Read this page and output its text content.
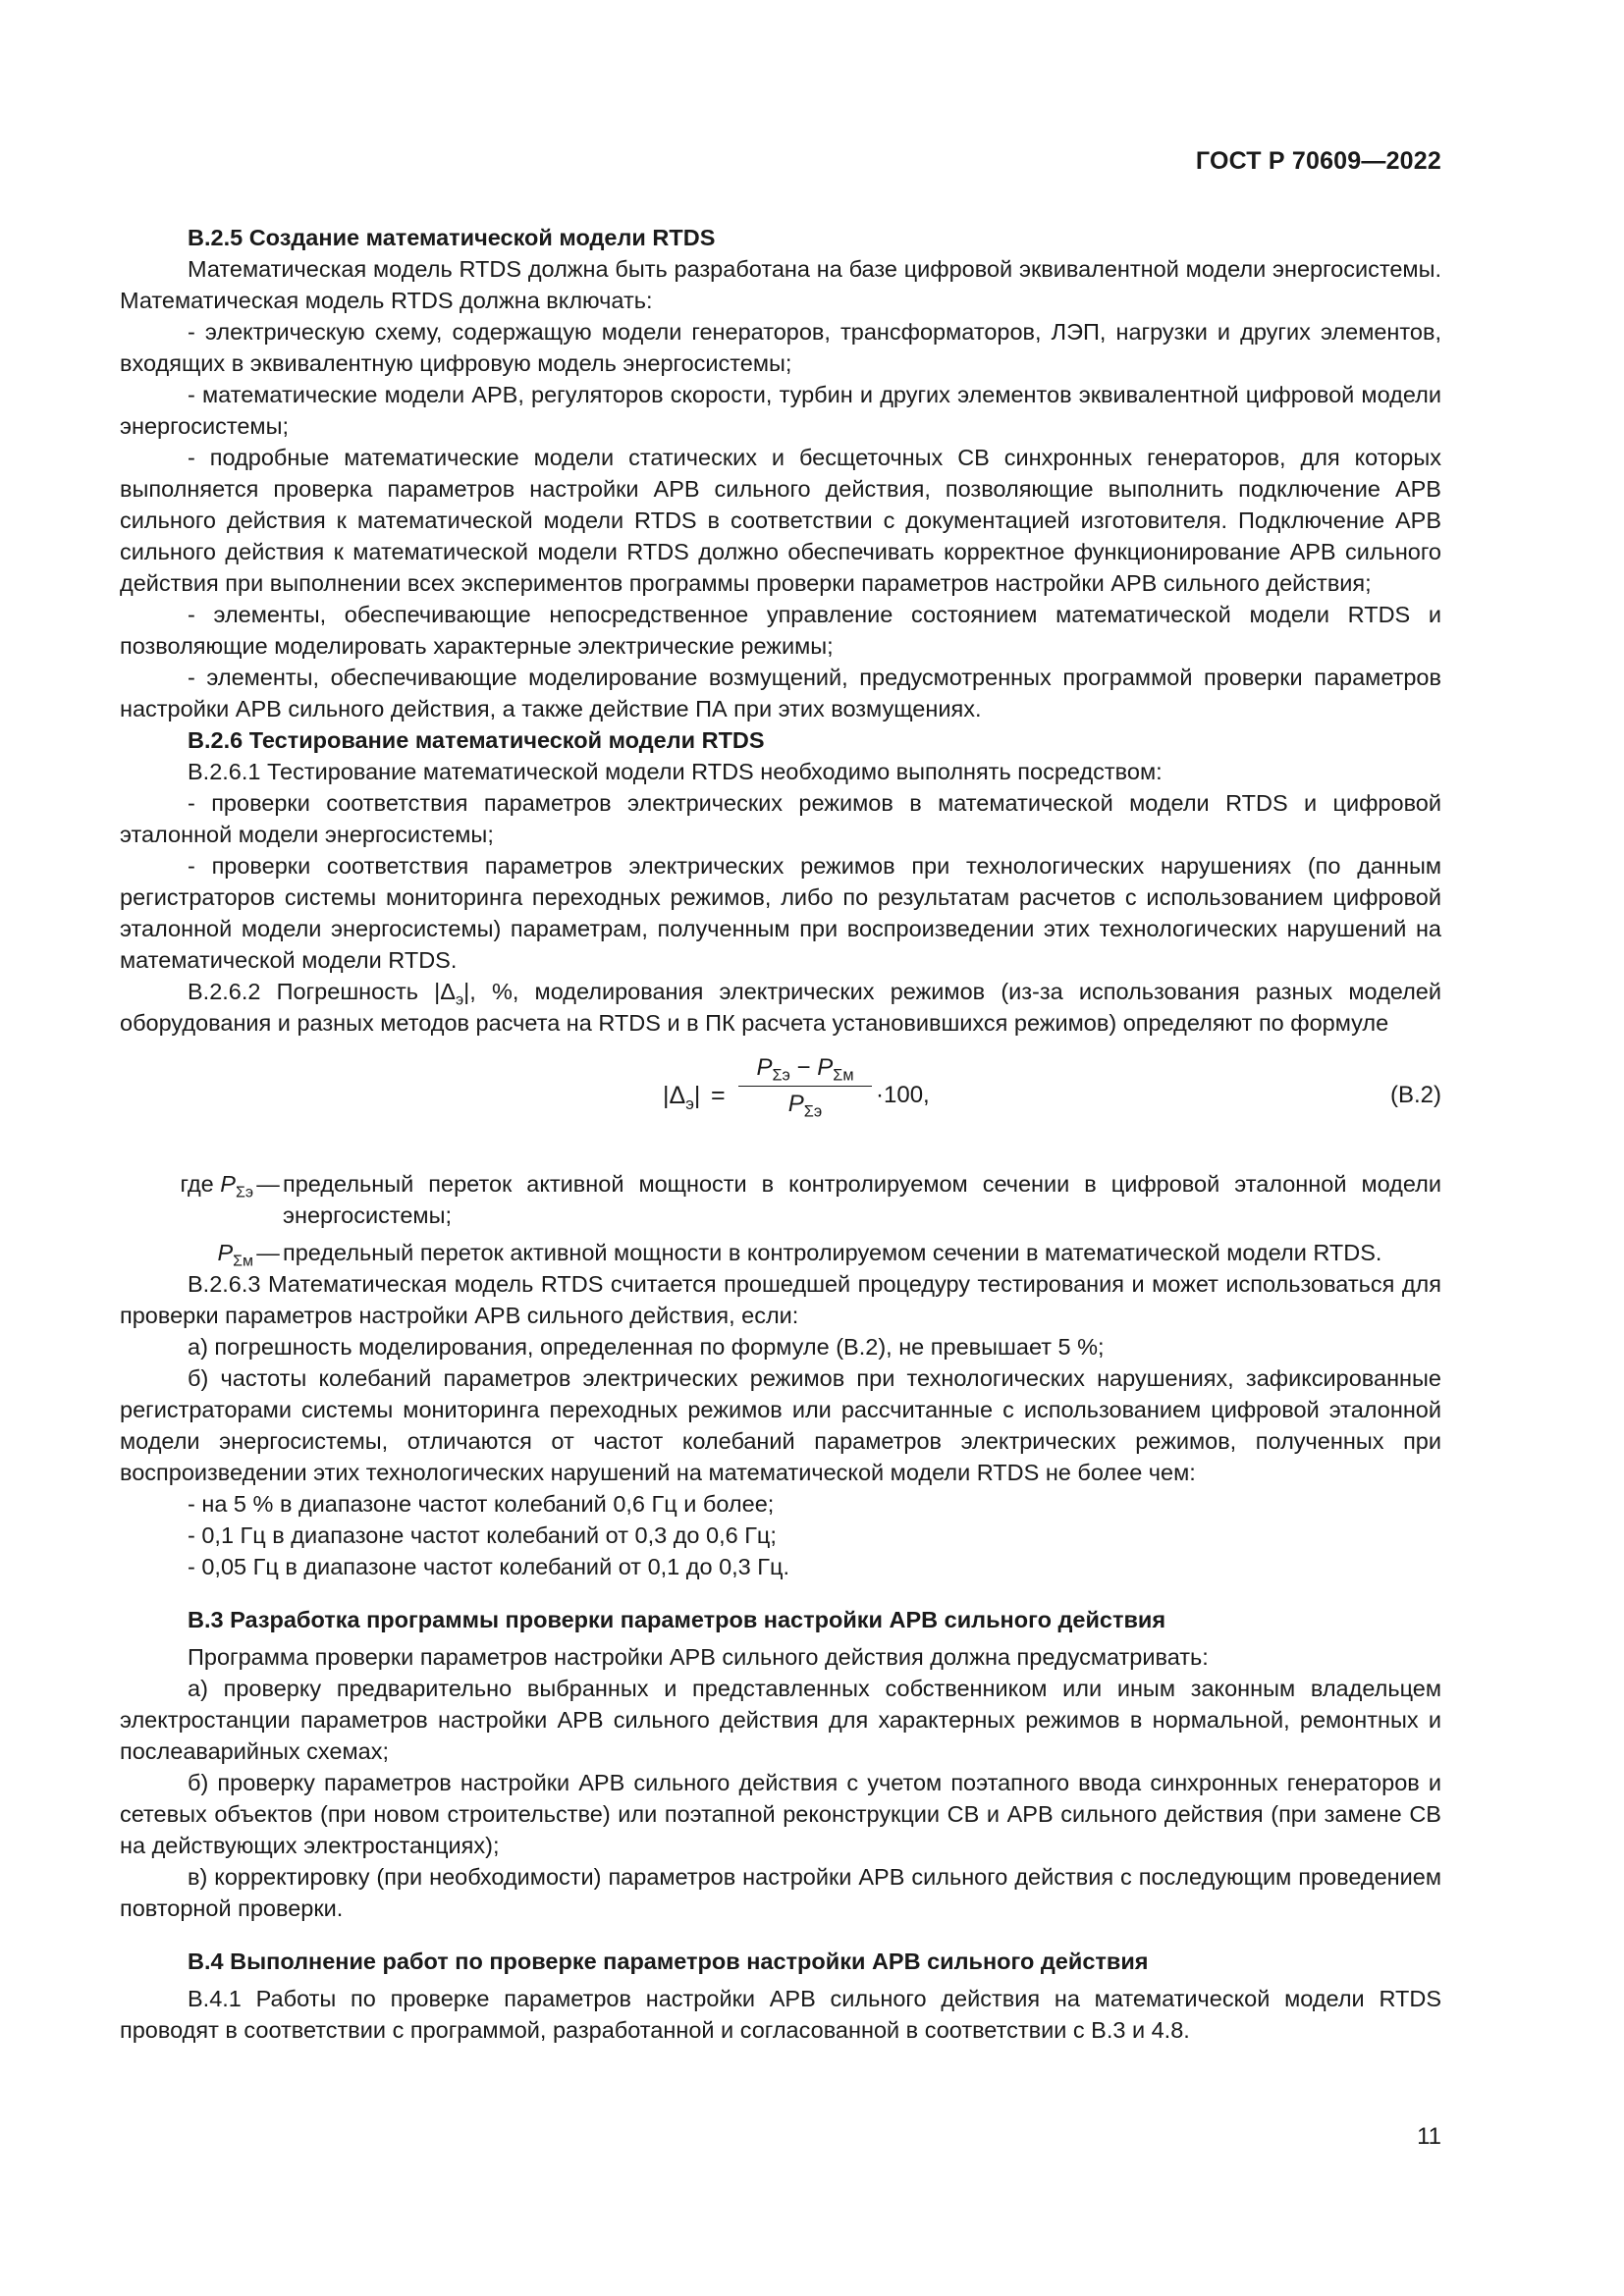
ГОСТ Р 70609—2022

В.2.5 Создание математической модели RTDS

Математическая модель RTDS должна быть разработана на базе цифровой эквивалентной модели энергосистемы. Математическая модель RTDS должна включать:

- электрическую схему, содержащую модели генераторов, трансформаторов, ЛЭП, нагрузки и других элементов, входящих в эквивалентную цифровую модель энергосистемы;

- математические модели АРВ, регуляторов скорости, турбин и других элементов эквивалентной цифровой модели энергосистемы;

- подробные математические модели статических и бесщеточных СВ синхронных генераторов, для которых выполняется проверка параметров настройки АРВ сильного действия, позволяющие выполнить подключение АРВ сильного действия к математической модели RTDS в соответствии с документацией изготовителя. Подключение АРВ сильного действия к математической модели RTDS должно обеспечивать корректное функционирование АРВ сильного действия при выполнении всех экспериментов программы проверки параметров настройки АРВ сильного действия;

- элементы, обеспечивающие непосредственное управление состоянием математической модели RTDS и позволяющие моделировать характерные электрические режимы;

- элементы, обеспечивающие моделирование возмущений, предусмотренных программой проверки параметров настройки АРВ сильного действия, а также действие ПА при этих возмущениях.

В.2.6 Тестирование математической модели RTDS

В.2.6.1 Тестирование математической модели RTDS необходимо выполнять посредством:

- проверки соответствия параметров электрических режимов в математической модели RTDS и цифровой эталонной модели энергосистемы;

- проверки соответствия параметров электрических режимов при технологических нарушениях (по данным регистраторов системы мониторинга переходных режимов, либо по результатам расчетов с использованием цифровой эталонной модели энергосистемы) параметрам, полученным при воспроизведении этих технологических нарушений на математической модели RTDS.

В.2.6.2 Погрешность $|\Delta_э|$, %, моделирования электрических режимов (из-за использования разных моделей оборудования и разных методов расчета на RTDS и в ПК расчета установившихся режимов) определяют по формуле

$|\Delta_э|$ =
$P_{\Sigma э} - P_{\Sigma м}$
$P_{\Sigma э}$
·100,	(В.2)
где $P_{\Sigma э}$ — предельный переток активной мощности в контролируемом сечении в цифровой эталонной модели энергосистемы;
$P_{\Sigma м}$ — предельный переток активной мощности в контролируемом сечении в математической модели RTDS.

В.2.6.3 Математическая модель RTDS считается прошедшей процедуру тестирования и может использоваться для проверки параметров настройки АРВ сильного действия, если:

а) погрешность моделирования, определенная по формуле (В.2), не превышает 5 %;

б) частоты колебаний параметров электрических режимов при технологических нарушениях, зафиксированные регистраторами системы мониторинга переходных режимов или рассчитанные с использованием цифровой эталонной модели энергосистемы, отличаются от частот колебаний параметров электрических режимов, полученных при воспроизведении этих технологических нарушений на математической модели RTDS не более чем:

- на 5 % в диапазоне частот колебаний 0,6 Гц и более;

- 0,1 Гц в диапазоне частот колебаний от 0,3 до 0,6 Гц;

- 0,05 Гц в диапазоне частот колебаний от 0,1 до 0,3 Гц.

В.3 Разработка программы проверки параметров настройки АРВ сильного действия

Программа проверки параметров настройки АРВ сильного действия должна предусматривать:

а) проверку предварительно выбранных и представленных собственником или иным законным владельцем электростанции параметров настройки АРВ сильного действия для характерных режимов в нормальной, ремонтных и послеаварийных схемах;

б) проверку параметров настройки АРВ сильного действия с учетом поэтапного ввода синхронных генераторов и сетевых объектов (при новом строительстве) или поэтапной реконструкции СВ и АРВ сильного действия (при замене СВ на действующих электростанциях);

в) корректировку (при необходимости) параметров настройки АРВ сильного действия с последующим проведением повторной проверки.

В.4 Выполнение работ по проверке параметров настройки АРВ сильного действия

В.4.1 Работы по проверке параметров настройки АРВ сильного действия на математической модели RTDS проводят в соответствии с программой, разработанной и согласованной в соответствии с В.3 и 4.8.

11
